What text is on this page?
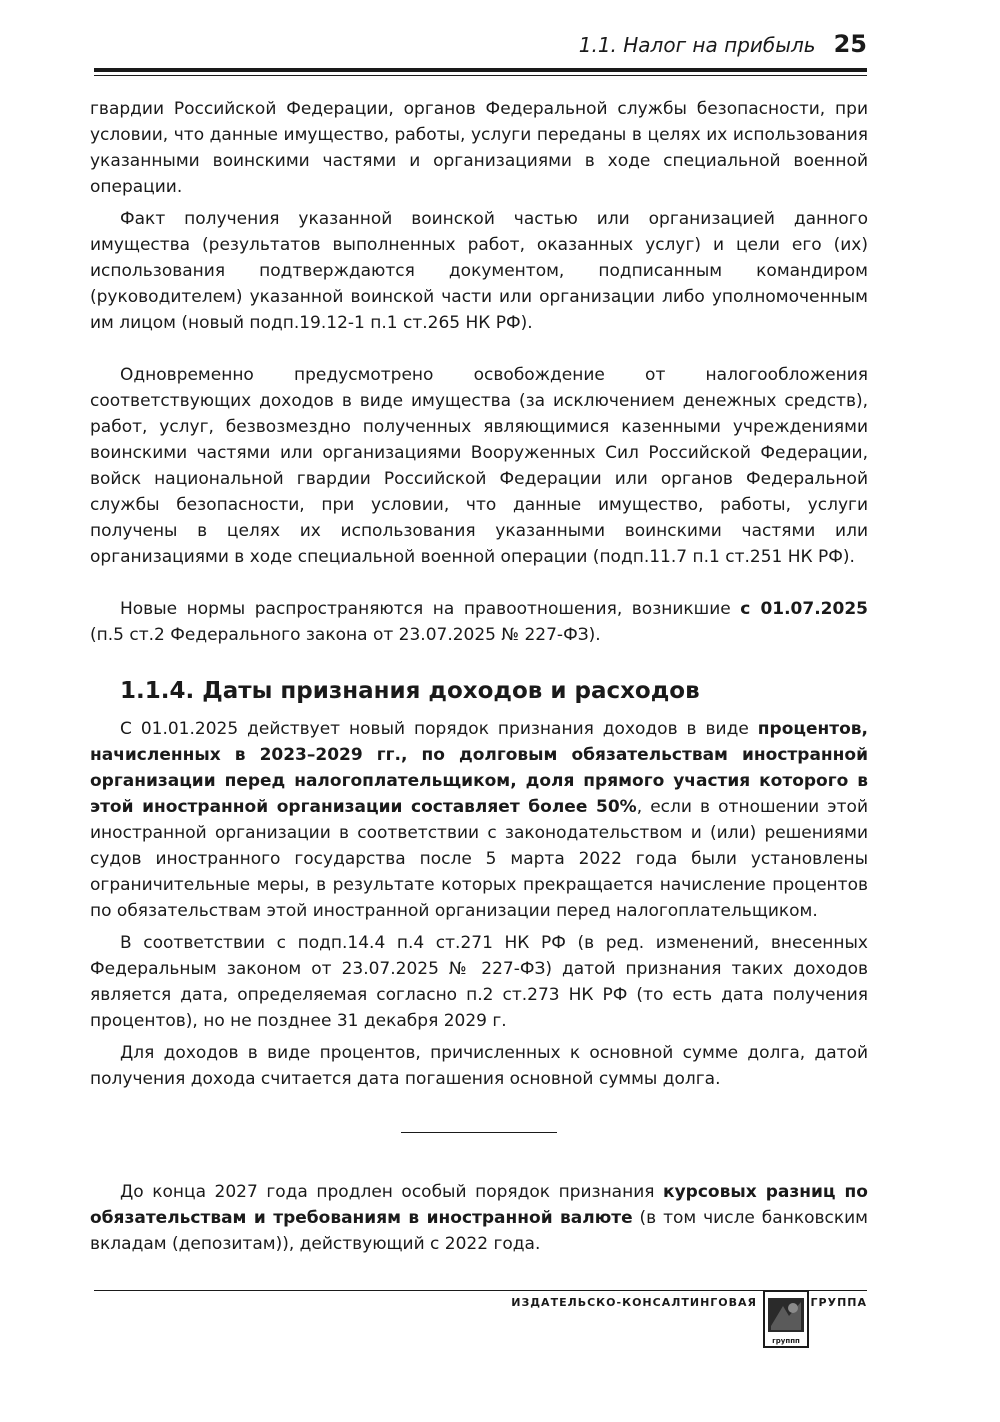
1.1. Налог на прибыль 25

гвардии Российской Федерации, органов Федеральной службы безопасности, при условии, что данные имущество, работы, услуги переданы в целях их использования указанными воинскими частями и организациями в ходе специальной военной операции.

Факт получения указанной воинской частью или организацией данного имущества (результатов выполненных работ, оказанных услуг) и цели его (их) использования подтверждаются документом, подписанным командиром (руководителем) указанной воинской части или организации либо уполномоченным им лицом (новый подп.19.12-1 п.1 ст.265 НК РФ).

Одновременно предусмотрено освобождение от налогообложения соответствующих доходов в виде имущества (за исключением денежных средств), работ, услуг, безвозмездно полученных являющимися казенными учреждениями воинскими частями или организациями Вооруженных Сил Российской Федерации, войск национальной гвардии Российской Федерации или органов Федеральной службы безопасности, при условии, что данные имущество, работы, услуги получены в целях их использования указанными воинскими частями или организациями в ходе специальной военной операции (подп.11.7 п.1 ст.251 НК РФ).

Новые нормы распространяются на правоотношения, возникшие с 01.07.2025 (п.5 ст.2 Федерального закона от 23.07.2025 № 227-ФЗ).

1.1.4. Даты признания доходов и расходов

С 01.01.2025 действует новый порядок признания доходов в виде процентов, начисленных в 2023–2029 гг., по долговым обязательствам иностранной организации перед налогоплательщиком, доля прямого участия которого в этой иностранной организации составляет более 50%, если в отношении этой иностранной организации в соответствии с законодательством и (или) решениями судов иностранного государства после 5 марта 2022 года были установлены ограничительные меры, в результате которых прекращается начисление процентов по обязательствам этой иностранной организации перед налогоплательщиком.

В соответствии с подп.14.4 п.4 ст.271 НК РФ (в ред. изменений, внесенных Федеральным законом от 23.07.2025 № 227-ФЗ) датой признания таких доходов является дата, определяемая согласно п.2 ст.273 НК РФ (то есть дата получения процентов), но не позднее 31 декабря 2029 г.

Для доходов в виде процентов, причисленных к основной сумме долга, датой получения дохода считается дата погашения основной суммы долга.

До конца 2027 года продлен особый порядок признания курсовых разниц по обязательствам и требованиям в иностранной валюте (в том числе банковским вкладам (депозитам)), действующий с 2022 года.

ИЗДАТЕЛЬСКО-КОНСАЛТИНГОВАЯ
группп
ГРУППА
